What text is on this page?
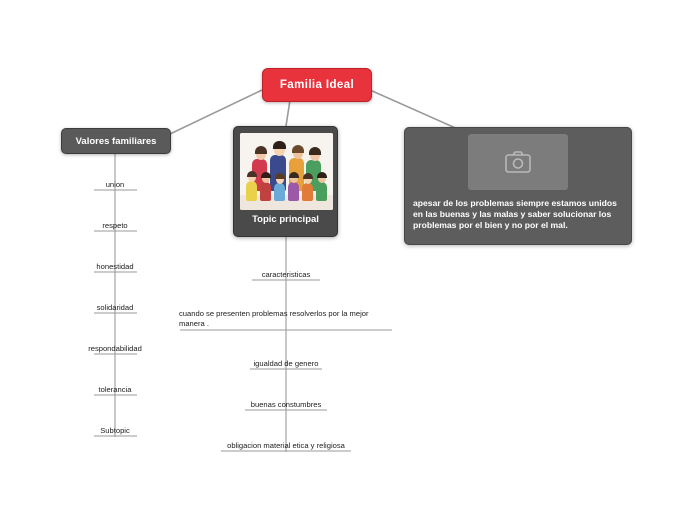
Familia Ideal
Valores familiares
union
respeto
honestidad
solidaridad
respondabilidad
tolerancia
Subtopic
Topic principal
caracteristicas
cuando se presenten problemas resolverlos por la mejor manera .
igualdad de genero
buenas constumbres
obligacion material etica y religiosa
apesar de los problemas siempre estamos unidos en las buenas y las malas y saber solucionar los problemas por el bien y no por el mal.
